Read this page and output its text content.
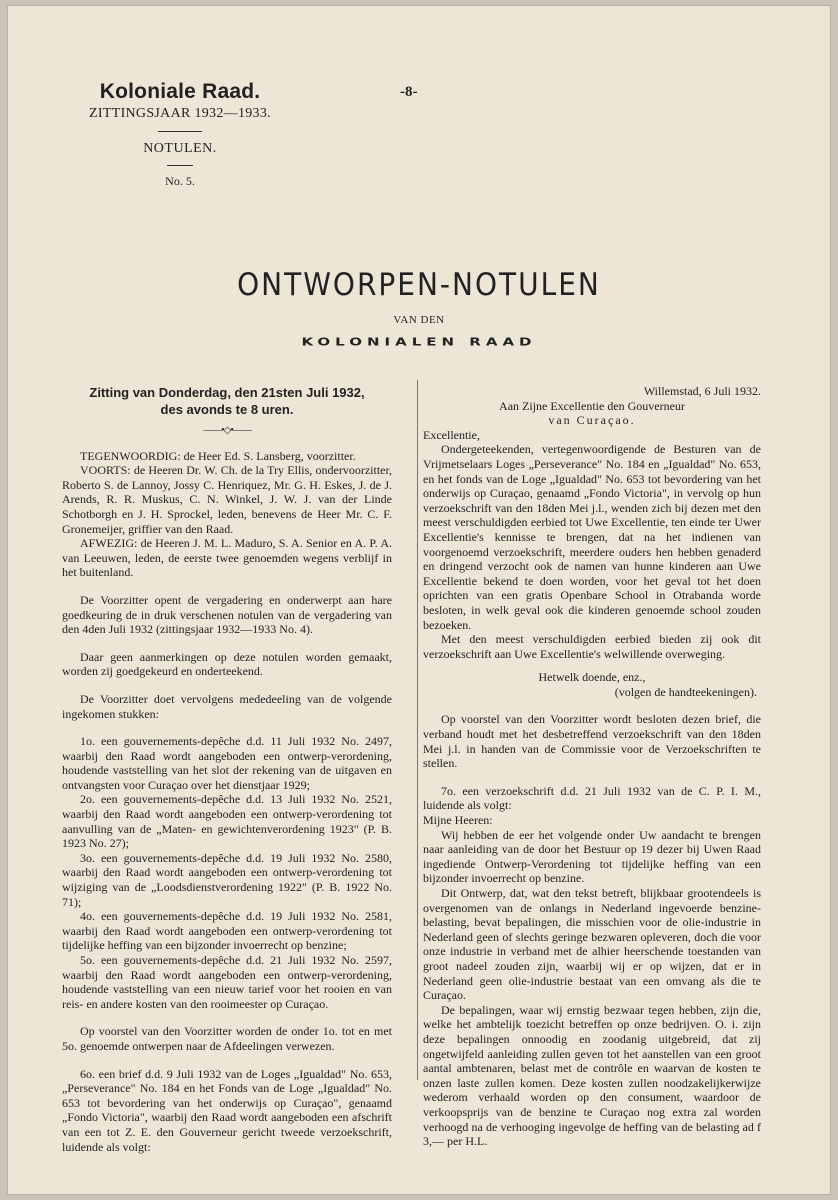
Koloniale Raad.
ZITTINGSJAAR 1932—1933.
NOTULEN.
No. 5.
-8-
ONTWORPEN-NOTULEN
VAN DEN
KOLONIALEN RAAD

Zitting van Donderdag, den 21sten Juli 1932,

des avonds te 8 uren.

——•◇•——

TEGENWOORDIG: de Heer Ed. S. Lansberg, voorzitter.

VOORTS: de Heeren Dr. W. Ch. de la Try Ellis, ondervoorzitter, Roberto S. de Lannoy, Jossy C. Henriquez, Mr. G. H. Eskes, J. de J. Arends, R. R. Muskus, C. N. Winkel, J. W. J. van der Linde Schotborgh en J. H. Sprockel, leden, benevens de Heer Mr. C. F. Gronemeijer, griffier van den Raad.

AFWEZIG: de Heeren J. M. L. Maduro, S. A. Senior en A. P. A. van Leeuwen, leden, de eerste twee genoemden wegens verblijf in het buitenland.

De Voorzitter opent de vergadering en onderwerpt aan hare goedkeuring de in druk verschenen notulen van de vergadering van den 4den Juli 1932 (zittingsjaar 1932—1933 No. 4).

Daar geen aanmerkingen op deze notulen worden gemaakt, worden zij goedgekeurd en onderteekend.

De Voorzitter doet vervolgens mededeeling van de volgende ingekomen stukken:

1o. een gouvernements-depêche d.d. 11 Juli 1932 No. 2497, waarbij den Raad wordt aangeboden een ontwerp-verordening, houdende vaststelling van het slot der rekening van de uitgaven en ontvangsten voor Curaçao over het dienstjaar 1929;

2o. een gouvernements-depêche d.d. 13 Juli 1932 No. 2521, waarbij den Raad wordt aangeboden een ontwerp-verordening tot aanvulling van de „Maten- en gewichtenverordening 1923" (P. B. 1923 No. 27);

3o. een gouvernements-depêche d.d. 19 Juli 1932 No. 2580, waarbij den Raad wordt aangeboden een ontwerp-verordening tot wijziging van de „Loodsdienstverordening 1922" (P. B. 1922 No. 71);

4o. een gouvernements-depêche d.d. 19 Juli 1932 No. 2581, waarbij den Raad wordt aangeboden een ontwerp-verordening tot tijdelijke heffing van een bijzonder invoerrecht op benzine;

5o. een gouvernements-depêche d.d. 21 Juli 1932 No. 2597, waarbij den Raad wordt aangeboden een ontwerp-verordening, houdende vaststelling van een nieuw tarief voor het rooien en van reis- en andere kosten van den rooimeester op Curaçao.

Op voorstel van den Voorzitter worden de onder 1o. tot en met 5o. genoemde ontwerpen naar de Afdeelingen verwezen.

6o. een brief d.d. 9 Juli 1932 van de Loges „Igualdad" No. 653, „Perseverance" No. 184 en het Fonds van de Loge „Igualdad" No. 653 tot bevordering van het onderwijs op Curaçao", genaamd „Fondo Victoria", waarbij den Raad wordt aangeboden een afschrift van een tot Z. E. den Gouverneur gericht tweede verzoekschrift, luidende als volgt:

Willemstad, 6 Juli 1932.

Aan Zijne Excellentie den Gouverneur

van Curaçao.

Excellentie,

Ondergeteekenden, vertegenwoordigende de Besturen van de Vrijmetselaars Loges „Perseverance" No. 184 en „Igualdad" No. 653, en het fonds van de Loge „Igualdad" No. 653 tot bevordering van het onderwijs op Curaçao, genaamd „Fondo Victoria", in vervolg op hun verzoekschrift van den 18den Mei j.l., wenden zich bij dezen met den meest verschuldigden eerbied tot Uwe Excellentie, ten einde ter Uwer Excellentie's kennisse te brengen, dat na het indienen van voorgenoemd verzoekschrift, meerdere ouders hen hebben genaderd en dringend verzocht ook de namen van hunne kinderen aan Uwe Excellentie bekend te doen worden, voor het geval tot het doen oprichten van een gratis Openbare School in Otrabanda worde besloten, in welk geval ook die kinderen genoemde school zouden bezoeken.

Met den meest verschuldigden eerbied bieden zij ook dit verzoekschrift aan Uwe Excellentie's welwillende overweging.

Hetwelk doende, enz.,

(volgen de handteekeningen).

Op voorstel van den Voorzitter wordt besloten dezen brief, die verband houdt met het desbetreffend verzoekschrift van den 18den Mei j.l. in handen van de Commissie voor de Verzoekschriften te stellen.

7o. een verzoekschrift d.d. 21 Juli 1932 van de C. P. I. M., luidende als volgt:

Mijne Heeren:

Wij hebben de eer het volgende onder Uw aandacht te brengen naar aanleiding van de door het Bestuur op 19 dezer bij Uwen Raad ingediende Ontwerp-Verordening tot tijdelijke heffing van een bijzonder invoerrecht op benzine.

Dit Ontwerp, dat, wat den tekst betreft, blijkbaar grootendeels is overgenomen van de onlangs in Nederland ingevoerde benzine-belasting, bevat bepalingen, die misschien voor de olie-industrie in Nederland geen of slechts geringe bezwaren opleveren, doch die voor onze industrie in verband met de alhier heerschende toestanden van groot nadeel zouden zijn, waarbij wij er op wijzen, dat er in Nederland geen olie-industrie bestaat van een omvang als die te Curaçao.

De bepalingen, waar wij ernstig bezwaar tegen hebben, zijn die, welke het ambtelijk toezicht betreffen op onze bedrijven. O. i. zijn deze bepalingen onnoodig en zoodanig uitgebreid, dat zij ongetwijfeld aanleiding zullen geven tot het aanstellen van een groot aantal ambtenaren, belast met de contrôle en waarvan de kosten te onzen laste zullen komen. Deze kosten zullen noodzakelijkerwijze wederom verhaald worden op den consument, waardoor de verkoopsprijs van de benzine te Curaçao nog extra zal worden verhoogd na de verhooging ingevolge de heffing van de belasting ad f 3,— per H.L.
